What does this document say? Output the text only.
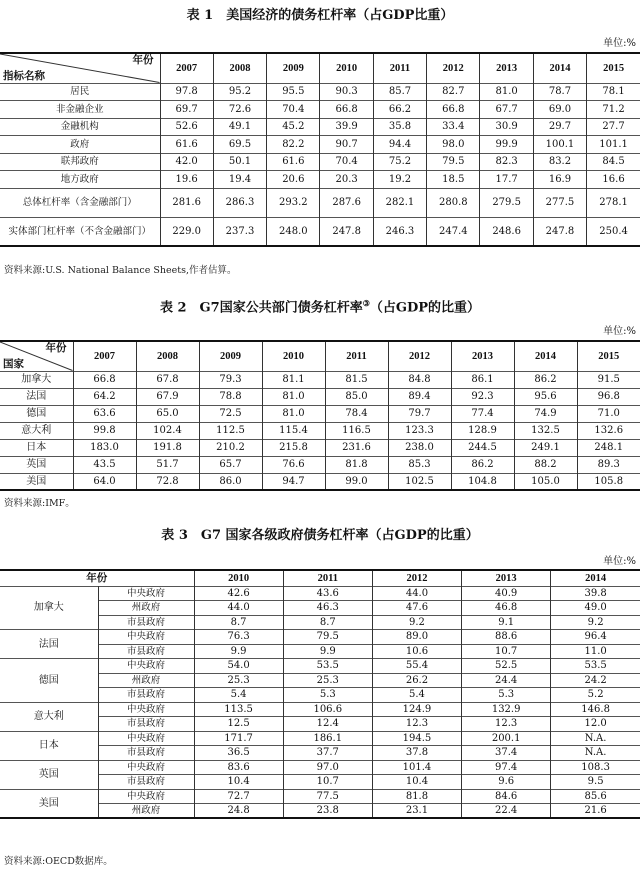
表 1　美国经济的债务杠杆率（占GDP比重）
单位:%
年份
指标名称	2007	2008	2009	2010	2011	2012	2013	2014	2015
居民	97.8	95.2	95.5	90.3	85.7	82.7	81.0	78.7	78.1
非金融企业	69.7	72.6	70.4	66.8	66.2	66.8	67.7	69.0	71.2
金融机构	52.6	49.1	45.2	39.9	35.8	33.4	30.9	29.7	27.7
政府	61.6	69.5	82.2	90.7	94.4	98.0	99.9	100.1	101.1
联邦政府	42.0	50.1	61.6	70.4	75.2	79.5	82.3	83.2	84.5
地方政府	19.6	19.4	20.6	20.3	19.2	18.5	17.7	16.9	16.6
总体杠杆率（含金融部门）	281.6	286.3	293.2	287.6	282.1	280.8	279.5	277.5	278.1
实体部门杠杆率（不含金融部门）	229.0	237.3	248.0	247.8	246.3	247.4	248.6	247.8	250.4
资料来源:U.S. National Balance Sheets,作者估算。
表 2　G7国家公共部门债务杠杆率③（占GDP的比重）
单位:%
年份
国家	2007	2008	2009	2010	2011	2012	2013	2014	2015
加拿大	66.8	67.8	79.3	81.1	81.5	84.8	86.1	86.2	91.5
法国	64.2	67.9	78.8	81.0	85.0	89.4	92.3	95.6	96.8
德国	63.6	65.0	72.5	81.0	78.4	79.7	77.4	74.9	71.0
意大利	99.8	102.4	112.5	115.4	116.5	123.3	128.9	132.5	132.6
日本	183.0	191.8	210.2	215.8	231.6	238.0	244.5	249.1	248.1
英国	43.5	51.7	65.7	76.6	81.8	85.3	86.2	88.2	89.3
美国	64.0	72.8	86.0	94.7	99.0	102.5	104.8	105.0	105.8
资料来源:IMF。
表 3　G7 国家各级政府债务杠杆率（占GDP的比重）
单位:%
年份		2010	2011	2012	2013	2014
加拿大	中央政府	42.6	43.6	44.0	40.9	39.8
	州政府	44.0	46.3	47.6	46.8	49.0
	市县政府	8.7	8.7	9.2	9.1	9.2
法国	中央政府	76.3	79.5	89.0	88.6	96.4
	市县政府	9.9	9.9	10.6	10.7	11.0
德国	中央政府	54.0	53.5	55.4	52.5	53.5
	州政府	25.3	25.3	26.2	24.4	24.2
	市县政府	5.4	5.3	5.4	5.3	5.2
意大利	中央政府	113.5	106.6	124.9	132.9	146.8
	市县政府	12.5	12.4	12.3	12.3	12.0
日本	中央政府	171.7	186.1	194.5	200.1	N.A.
	市县政府	36.5	37.7	37.8	37.4	N.A.
英国	中央政府	83.6	97.0	101.4	97.4	108.3
	市县政府	10.4	10.7	10.4	9.6	9.5
美国	中央政府	72.7	77.5	81.8	84.6	85.6
	州政府	24.8	23.8	23.1	22.4	21.6
资料来源:OECD数据库。
